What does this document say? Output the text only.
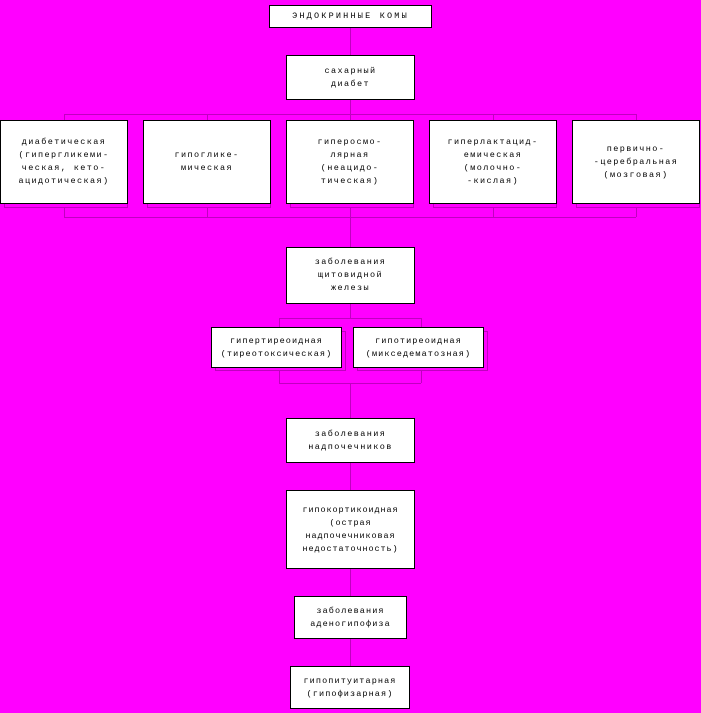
ЭНДОКРИННЫЕ КОМЫ
сахарный
диабет
диабетическая
(гипергликеми-
ческая, кето-
ацидотическая)
гипоглике-
мическая
гиперосмо-
лярная
(неацидо-
тическая)
гиперлактацид-
емическая
(молочно-
-кислая)
первично-
-церебральная
(мозговая)
заболевания
щитовидной
железы
гипертиреоидная
(тиреотоксическая)
гипотиреоидная
(микседематозная)
заболевания
надпочечников
гипокортикоидная
(острая
надпочечниковая
недостаточность)
заболевания
аденогипофиза
гипопитуитарная
(гипофизарная)
